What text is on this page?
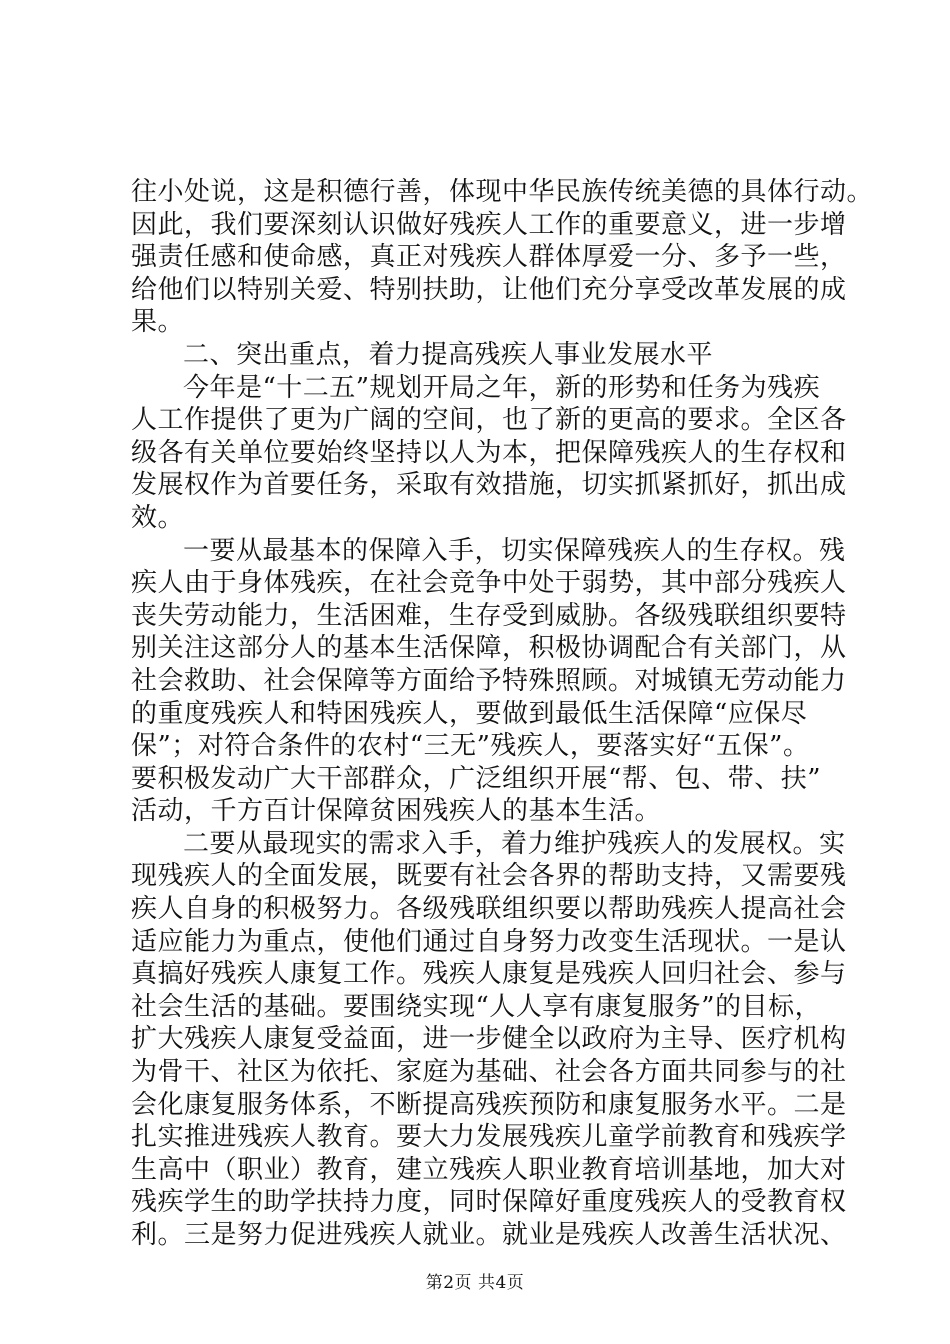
往小处说，这是积德行善，体现中华民族传统美德的具体行动。
因此，我们要深刻认识做好残疾人工作的重要意义，进一步增
强责任感和使命感，真正对残疾人群体厚爱一分、多予一些，
给他们以特别关爱、特别扶助，让他们充分享受改革发展的成
果。
二、突出重点，着力提高残疾人事业发展水平
今年是“十二五”规划开局之年，新的形势和任务为残疾
人工作提供了更为广阔的空间，也了新的更高的要求。全区各
级各有关单位要始终坚持以人为本，把保障残疾人的生存权和
发展权作为首要任务，采取有效措施，切实抓紧抓好，抓出成
效。
一要从最基本的保障入手，切实保障残疾人的生存权。残
疾人由于身体残疾，在社会竞争中处于弱势，其中部分残疾人
丧失劳动能力，生活困难，生存受到威胁。各级残联组织要特
别关注这部分人的基本生活保障，积极协调配合有关部门，从
社会救助、社会保障等方面给予特殊照顾。对城镇无劳动能力
的重度残疾人和特困残疾人，要做到最低生活保障“应保尽
保”；对符合条件的农村“三无”残疾人，要落实好“五保”。
要积极发动广大干部群众，广泛组织开展“帮、包、带、扶”
活动，千方百计保障贫困残疾人的基本生活。
二要从最现实的需求入手，着力维护残疾人的发展权。实
现残疾人的全面发展，既要有社会各界的帮助支持，又需要残
疾人自身的积极努力。各级残联组织要以帮助残疾人提高社会
适应能力为重点，使他们通过自身努力改变生活现状。一是认
真搞好残疾人康复工作。残疾人康复是残疾人回归社会、参与
社会生活的基础。要围绕实现“人人享有康复服务”的目标，
扩大残疾人康复受益面，进一步健全以政府为主导、医疗机构
为骨干、社区为依托、家庭为基础、社会各方面共同参与的社
会化康复服务体系，不断提高残疾预防和康复服务水平。二是
扎实推进残疾人教育。要大力发展残疾儿童学前教育和残疾学
生高中（职业）教育，建立残疾人职业教育培训基地，加大对
残疾学生的助学扶持力度，同时保障好重度残疾人的受教育权
利。三是努力促进残疾人就业。就业是残疾人改善生活状况、
第2页 共4页
